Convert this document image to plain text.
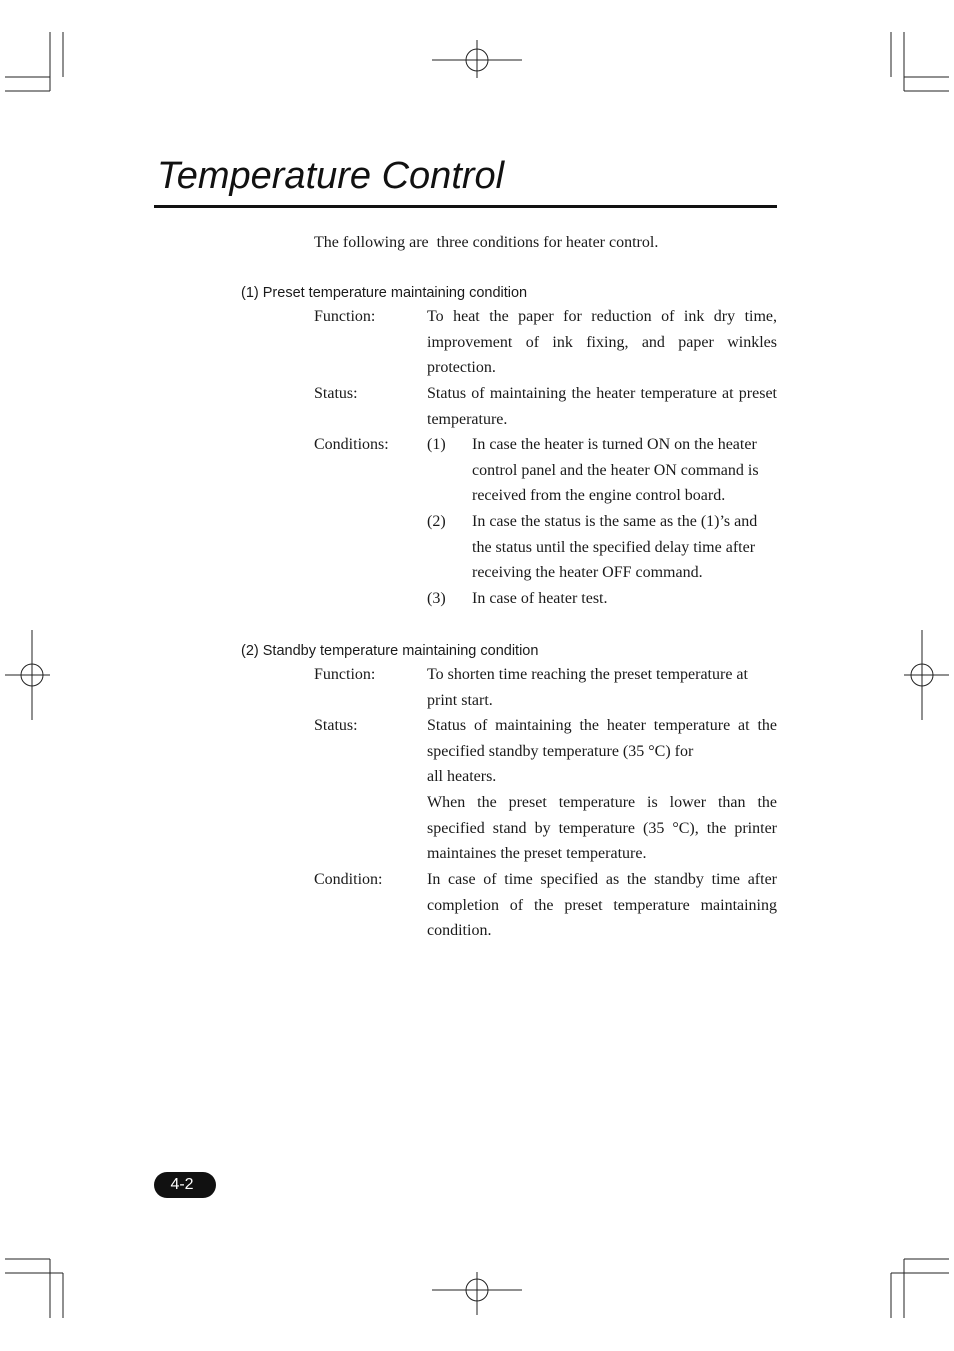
Temperature Control
The following are  three conditions for heater control.
(1) Preset temperature maintaining condition
Function:	To heat the paper for reduction of ink dry time, improvement of ink fixing, and paper winkles protection.
Status:	Status of maintaining the heater temperature at preset temperature.
Conditions: (1) In case the heater is turned ON on the heater control panel and the heater ON command is received from the engine control board.
(2) In case the status is the same as the (1)’s and the status until the specified delay time after receiving the heater OFF command.
(3) In case of heater test.
(2) Standby temperature maintaining condition
Function:	To shorten time reaching the preset temperature at print start.
Status:	Status of maintaining the heater temperature at the specified standby temperature (35 °C) for
all heaters.
When the preset temperature is lower than the specified stand by temperature (35 °C), the printer maintaines the preset temperature.
Condition:	In case of time specified as the standby time after completion of the preset temperature maintaining condition.
4-2
